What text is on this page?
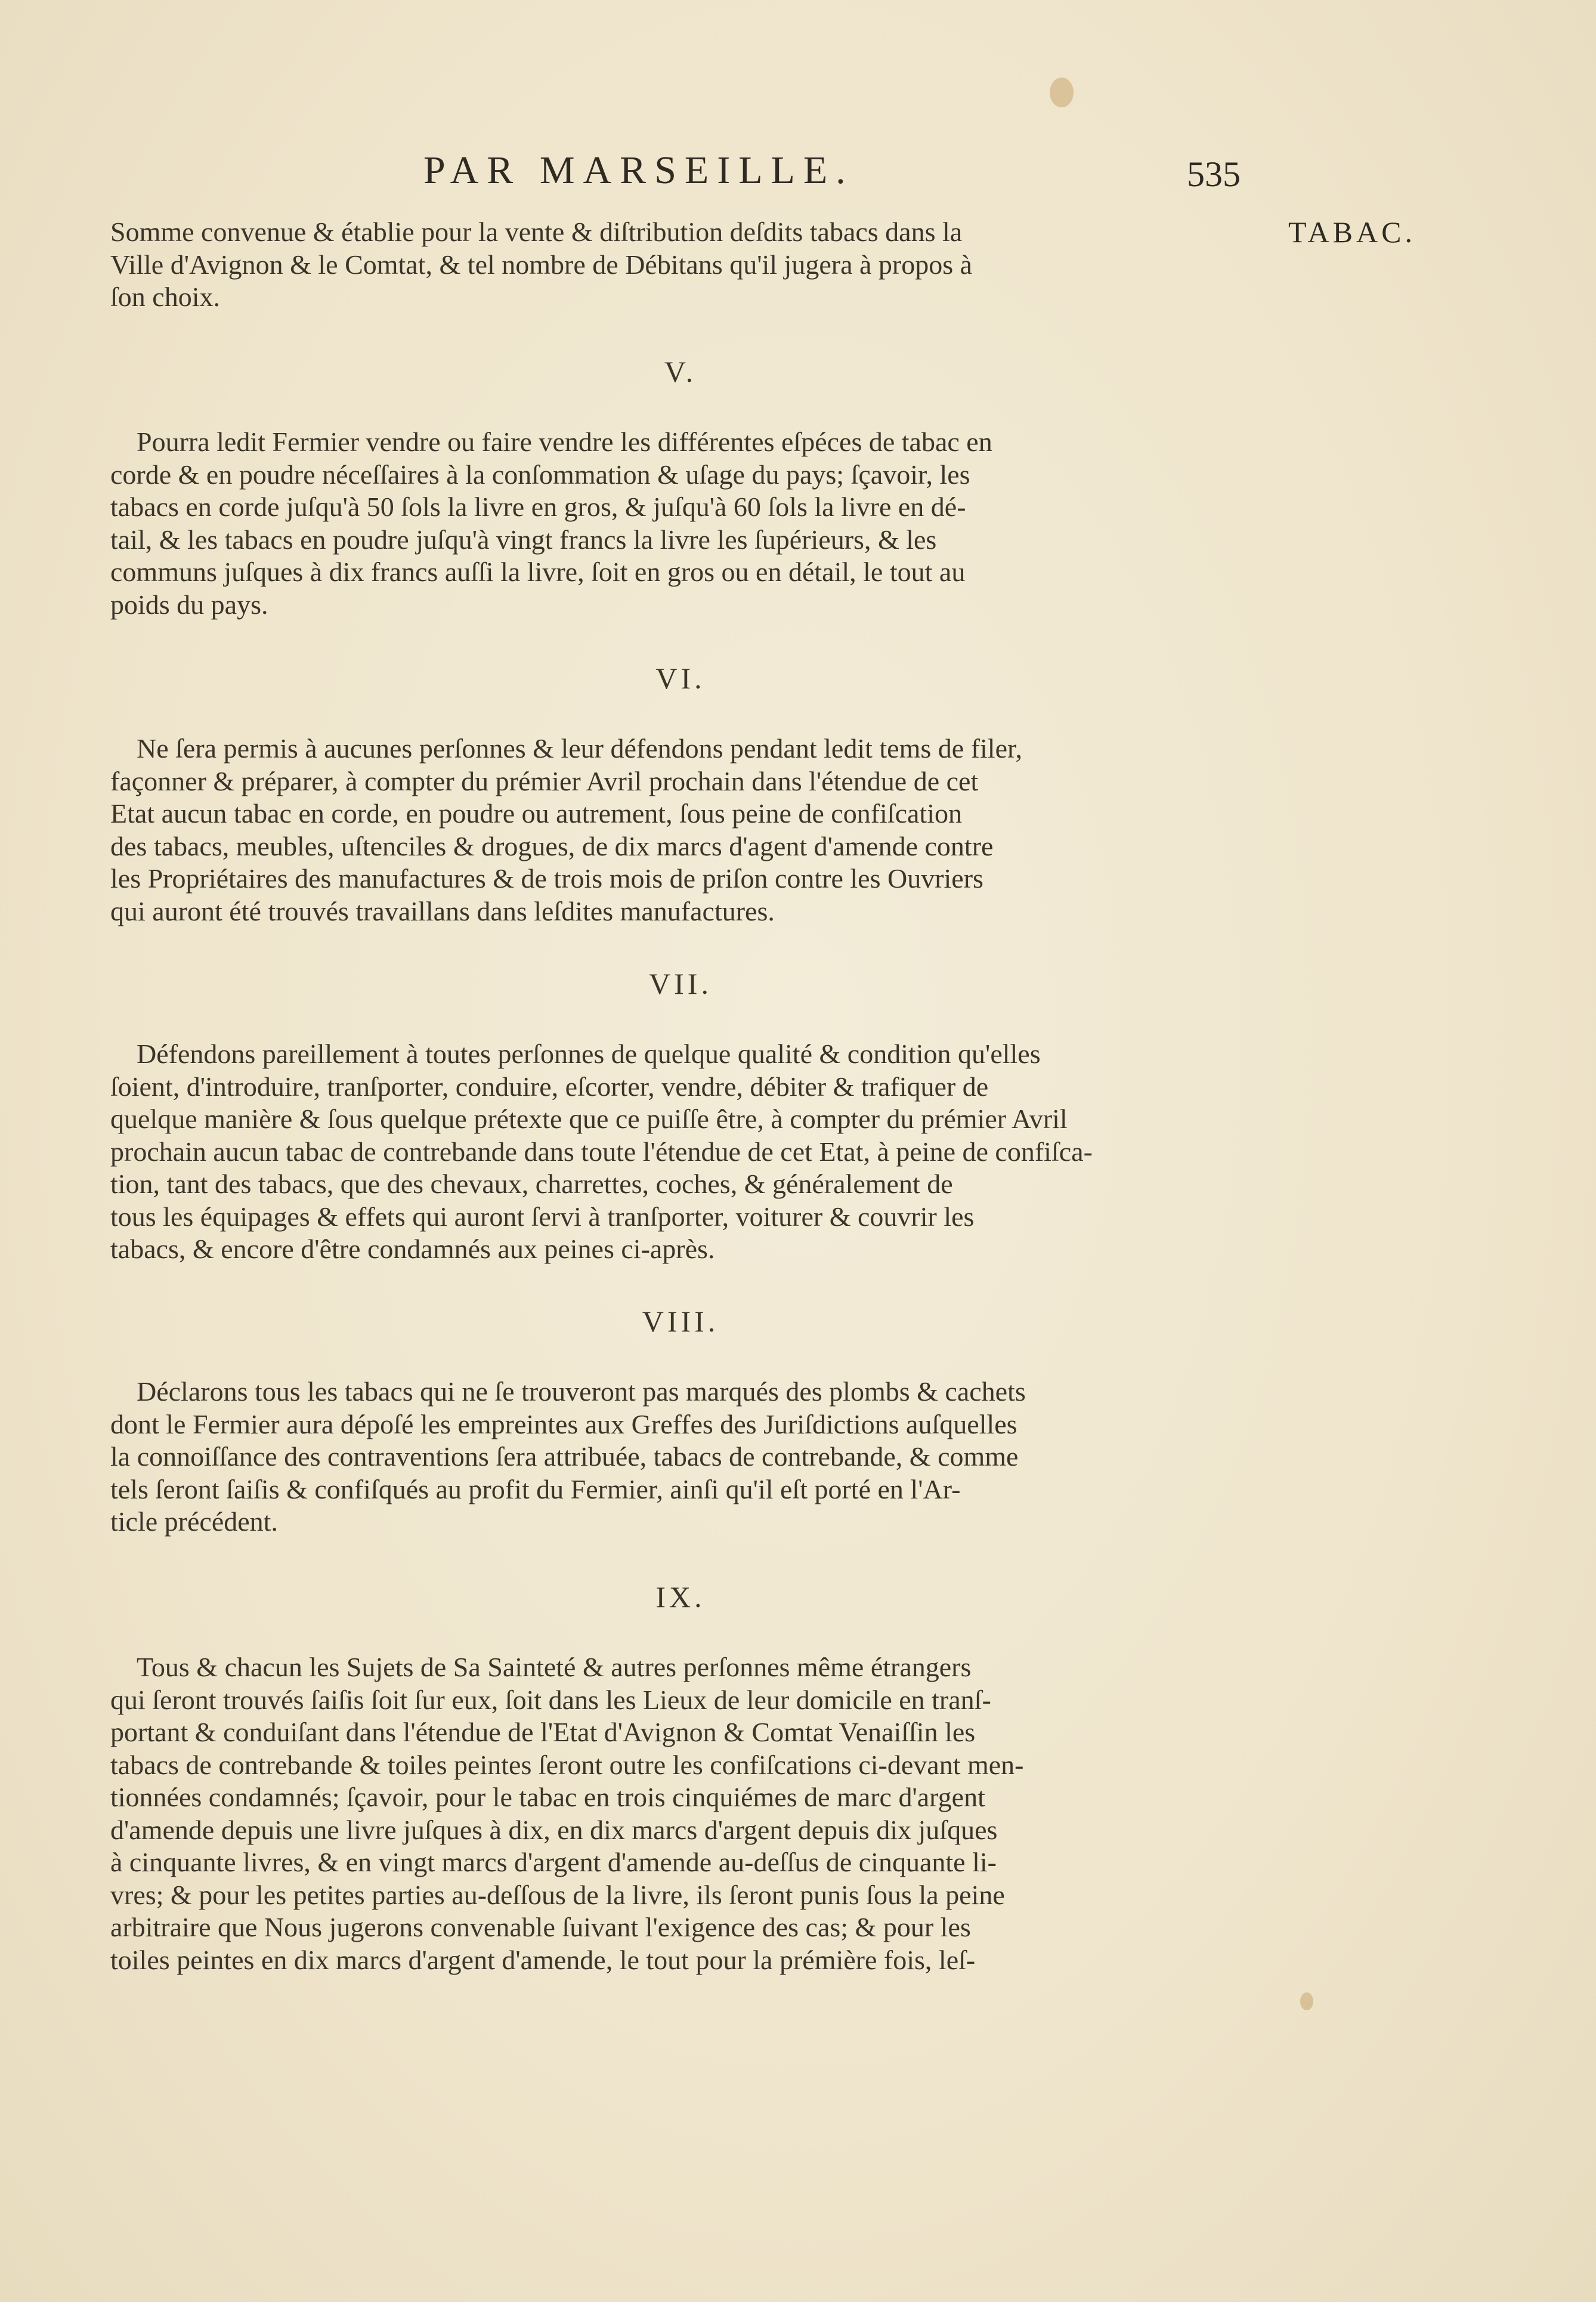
PAR MARSEILLE.	535
TABAC.
Somme convenue & établie pour la vente & diſtribution deſdits tabacs dans la
Ville d'Avignon & le Comtat, & tel nombre de Débitans qu'il jugera à propos à
ſon choix.
V.
Pourra ledit Fermier vendre ou faire vendre les différentes eſpéces de tabac en
corde & en poudre néceſſaires à la conſommation & uſage du pays; ſçavoir, les
tabacs en corde juſqu'à 50 ſols la livre en gros, & juſqu'à 60 ſols la livre en dé-
tail, & les tabacs en poudre juſqu'à vingt francs la livre les ſupérieurs, & les
communs juſques à dix francs auſſi la livre, ſoit en gros ou en détail, le tout au
poids du pays.
VI.
Ne ſera permis à aucunes perſonnes & leur défendons pendant ledit tems de filer,
façonner & préparer, à compter du prémier Avril prochain dans l'étendue de cet
Etat aucun tabac en corde, en poudre ou autrement, ſous peine de confiſcation
des tabacs, meubles, uſtenciles & drogues, de dix marcs d'agent d'amende contre
les Propriétaires des manufactures & de trois mois de priſon contre les Ouvriers
qui auront été trouvés travaillans dans leſdites manufactures.
VII.
Défendons pareillement à toutes perſonnes de quelque qualité & condition qu'elles
ſoient, d'introduire, tranſporter, conduire, eſcorter, vendre, débiter & trafiquer de
quelque manière & ſous quelque prétexte que ce puiſſe être, à compter du prémier Avril
prochain aucun tabac de contrebande dans toute l'étendue de cet Etat, à peine de confiſca-
tion, tant des tabacs, que des chevaux, charrettes, coches, & généralement de
tous les équipages & effets qui auront ſervi à tranſporter, voiturer & couvrir les
tabacs, & encore d'être condamnés aux peines ci-après.
VIII.
Déclarons tous les tabacs qui ne ſe trouveront pas marqués des plombs & cachets
dont le Fermier aura dépoſé les empreintes aux Greffes des Juriſdictions auſquelles
la connoiſſance des contraventions ſera attribuée, tabacs de contrebande, & comme
tels ſeront ſaiſis & confiſqués au profit du Fermier, ainſi qu'il eſt porté en l'Ar-
ticle précédent.
IX.
Tous & chacun les Sujets de Sa Sainteté & autres perſonnes même étrangers
qui ſeront trouvés ſaiſis ſoit ſur eux, ſoit dans les Lieux de leur domicile en tranſ-
portant & conduiſant dans l'étendue de l'Etat d'Avignon & Comtat Venaiſſin les
tabacs de contrebande & toiles peintes ſeront outre les confiſcations ci-devant men-
tionnées condamnés; ſçavoir, pour le tabac en trois cinquiémes de marc d'argent
d'amende depuis une livre juſques à dix, en dix marcs d'argent depuis dix juſques
à cinquante livres, & en vingt marcs d'argent d'amende au-deſſus de cinquante li-
vres; & pour les petites parties au-deſſous de la livre, ils ſeront punis ſous la peine
arbitraire que Nous jugerons convenable ſuivant l'exigence des cas; & pour les
toiles peintes en dix marcs d'argent d'amende, le tout pour la prémière fois, leſ-
